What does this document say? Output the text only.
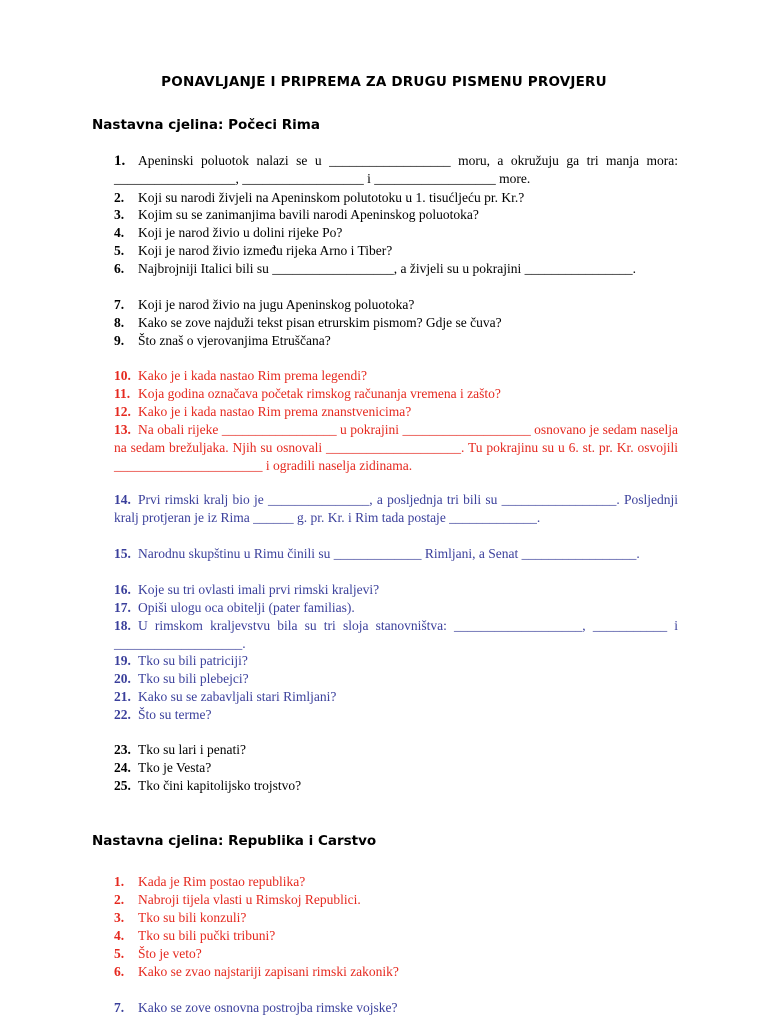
PONAVLJANJE I PRIPREMA ZA DRUGU PISMENU PROVJERU
Nastavna cjelina: Počeci Rima
1. Apeninski poluotok nalazi se u __________________ moru, a okružuju ga tri manja mora: __________________, __________________ i __________________ more.
2. Koji su narodi živjeli na Apeninskom polutotoku u 1. tisućljeću pr. Kr.?
3. Kojim su se zanimanjima bavili narodi Apeninskog poluotoka?
4. Koji je narod živio u dolini rijeke Po?
5. Koji je narod živio između rijeka Arno i Tiber?
6. Najbrojniji Italici bili su __________________, a živjeli su u pokrajini ________________.
7. Koji je narod živio na jugu Apeninskog poluotoka?
8. Kako se zove najduži tekst pisan etrurskim pismom? Gdje se čuva?
9. Što znaš o vjerovanjima Etruščana?
10. Kako je i kada nastao Rim prema legendi?
11. Koja godina označava početak rimskog računanja vremena i zašto?
12. Kako je i kada nastao Rim prema znanstvenicima?
13. Na obali rijeke _________________ u pokrajini ___________________ osnovano je sedam naselja na sedam brežuljaka. Njih su osnovali ____________________. Tu pokrajinu su u 6. st. pr. Kr. osvojili ______________________ i ogradili naselja zidinama.
14. Prvi rimski kralj bio je _______________, a posljednja tri bili su _________________. Posljednji kralj protjeran je iz Rima ______ g. pr. Kr. i Rim tada postaje _____________.
15. Narodnu skupštinu u Rimu činili su _____________ Rimljani, a Senat _________________.
16. Koje su tri ovlasti imali prvi rimski kraljevi?
17. Opiši ulogu oca obitelji (pater familias).
18. U rimskom kraljevstvu bila su tri sloja stanovništva: ___________________, ___________ i ___________________.
19. Tko su bili patriciji?
20. Tko su bili plebejci?
21. Kako su se zabavljali stari Rimljani?
22. Što su terme?
23. Tko su lari i penati?
24. Tko je Vesta?
25. Tko čini kapitolijsko trojstvo?
Nastavna cjelina: Republika i Carstvo
1. Kada je Rim postao republika?
2. Nabroji tijela vlasti u Rimskoj Republici.
3. Tko su bili konzuli?
4. Tko su bili pučki tribuni?
5. Što je veto?
6. Kako se zvao najstariji zapisani rimski zakonik?
7. Kako se zove osnovna postrojba rimske vojske?
